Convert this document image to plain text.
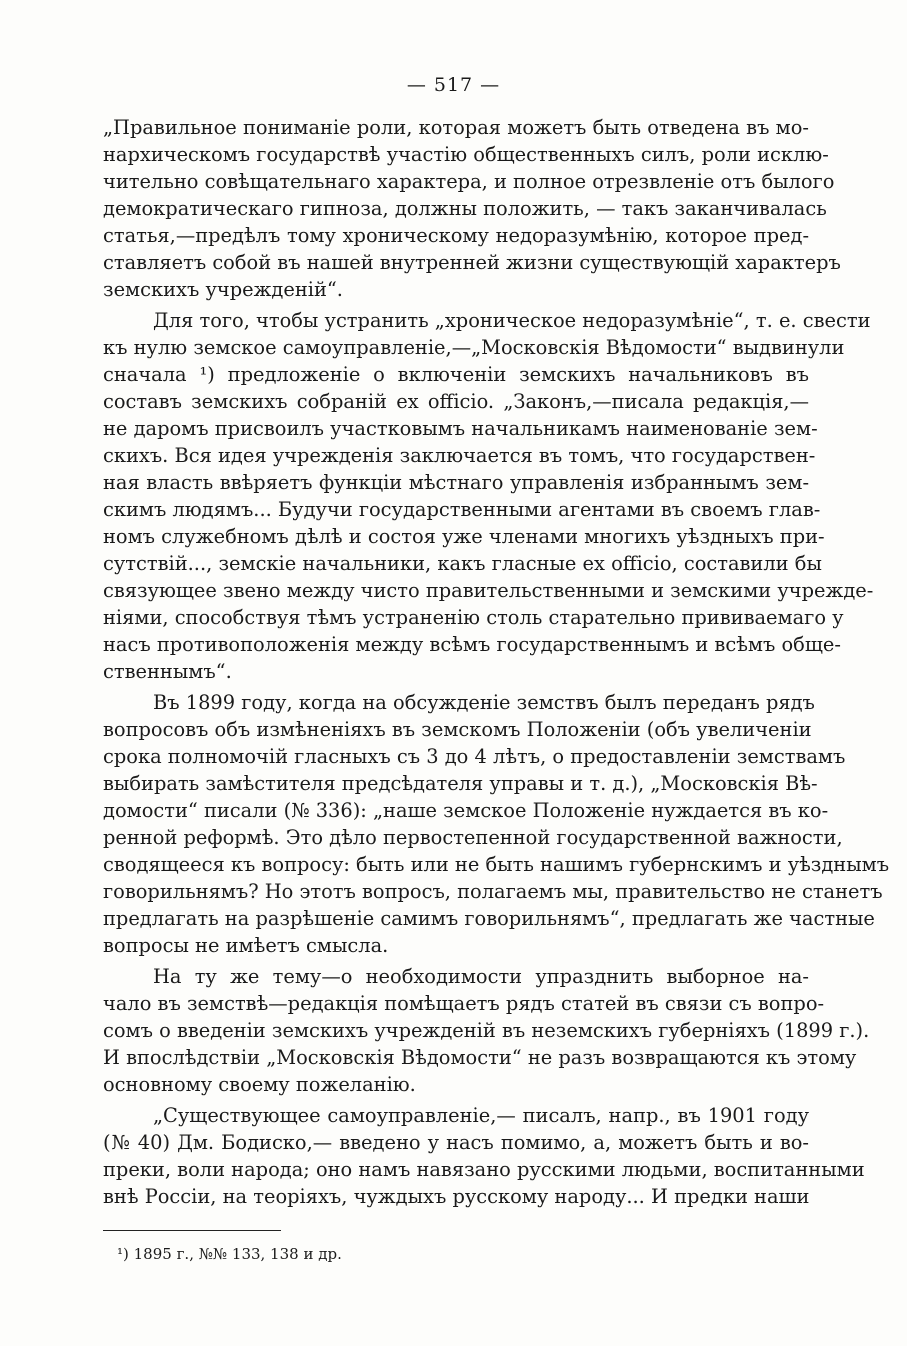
— 517 —
„Правильное пониманіе роли, которая можетъ быть отведена въ мо-
нархическомъ государствѣ участію общественныхъ силъ, роли исклю-
чительно совѣщательнаго характера, и полное отрезвленіе отъ былого
демократическаго гипноза, должны положить, — такъ заканчивалась
статья,—предѣлъ тому хроническому недоразумѣнію, которое пред-
ставляетъ собой въ нашей внутренней жизни существующій характеръ
земскихъ учрежденій“.
Для того, чтобы устранить „хроническое недоразумѣніе“, т. е. свести
къ нулю земское самоуправленіе,—„Московскія Вѣдомости“ выдвинули
сначала ¹) предложеніе о включеніи земскихъ начальниковъ въ
составъ земскихъ собраній ex officio. „Законъ,—писала редакція,—
не даромъ присвоилъ участковымъ начальникамъ наименованіе зем-
скихъ. Вся идея учрежденія заключается въ томъ, что государствен-
ная власть ввѣряетъ функціи мѣстнаго управленія избраннымъ зем-
скимъ людямъ... Будучи государственными агентами въ своемъ глав-
номъ служебномъ дѣлѣ и состоя уже членами многихъ уѣздныхъ при-
сутствій..., земскіе начальники, какъ гласные ex officio, составили бы
связующее звено между чисто правительственными и земскими учрежде-
ніями, способствуя тѣмъ устраненію столь старательно прививаемаго у
насъ противоположенія между всѣмъ государственнымъ и всѣмъ обще-
ственнымъ“.
Въ 1899 году, когда на обсужденіе земствъ былъ переданъ рядъ
вопросовъ объ измѣненіяхъ въ земскомъ Положеніи (объ увеличеніи
срока полномочій гласныхъ съ 3 до 4 лѣтъ, о предоставленіи земствамъ
выбирать замѣстителя предсѣдателя управы и т. д.), „Московскія Вѣ-
домости“ писали (№ 336): „наше земское Положеніе нуждается въ ко-
ренной реформѣ. Это дѣло первостепенной государственной важности,
сводящееся къ вопросу: быть или не быть нашимъ губернскимъ и уѣзднымъ
говорильнямъ? Но этотъ вопросъ, полагаемъ мы, правительство не станетъ
предлагать на разрѣшеніе самимъ говорильнямъ“, предлагать же частные
вопросы не имѣетъ смысла.
На ту же тему—о необходимости упразднить выборное на-
чало въ земствѣ—редакція помѣщаетъ рядъ статей въ связи съ вопро-
сомъ о введеніи земскихъ учрежденій въ неземскихъ губерніяхъ (1899 г.).
И впослѣдствіи „Московскія Вѣдомости“ не разъ возвращаются къ этому
основному своему пожеланію.
„Существующее самоуправленіе,— писалъ, напр., въ 1901 году
(№ 40) Дм. Бодиско,— введено у насъ помимо, а, можетъ быть и во-
преки, воли народа; оно намъ навязано русскими людьми, воспитанными
внѣ Россіи, на теоріяхъ, чуждыхъ русскому народу... И предки наши
¹) 1895 г., №№ 133, 138 и др.
